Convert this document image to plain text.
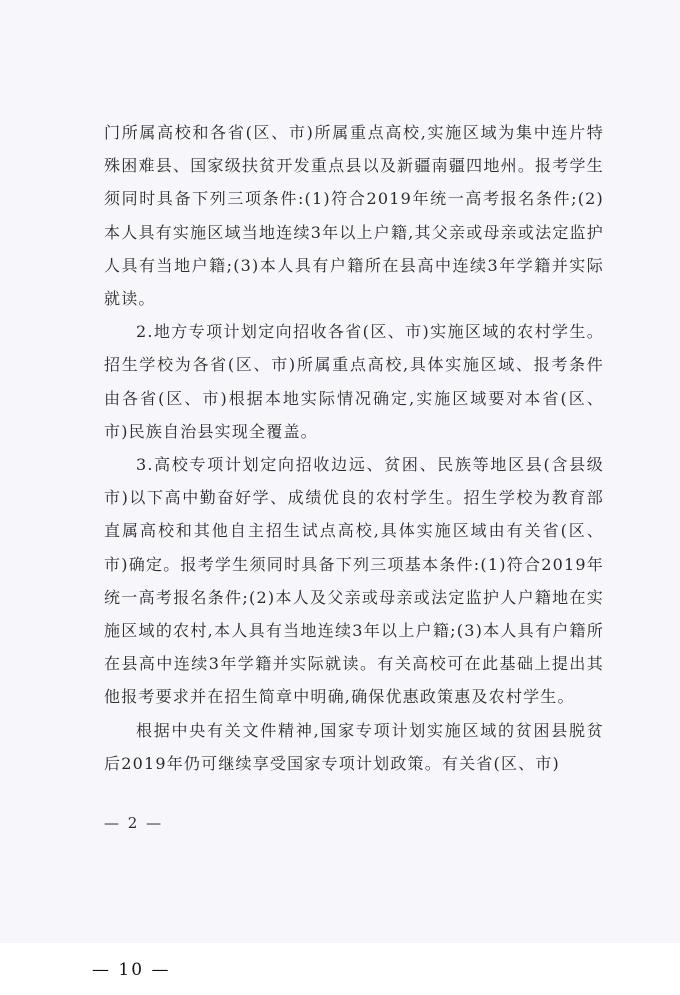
门所属高校和各省(区、市)所属重点高校,实施区域为集中连片特殊困难县、国家级扶贫开发重点县以及新疆南疆四地州。报考学生须同时具备下列三项条件:(1)符合2019年统一高考报名条件;(2)本人具有实施区域当地连续3年以上户籍,其父亲或母亲或法定监护人具有当地户籍;(3)本人具有户籍所在县高中连续3年学籍并实际就读。

2.地方专项计划定向招收各省(区、市)实施区域的农村学生。招生学校为各省(区、市)所属重点高校,具体实施区域、报考条件由各省(区、市)根据本地实际情况确定,实施区域要对本省(区、市)民族自治县实现全覆盖。

3.高校专项计划定向招收边远、贫困、民族等地区县(含县级市)以下高中勤奋好学、成绩优良的农村学生。招生学校为教育部直属高校和其他自主招生试点高校,具体实施区域由有关省(区、市)确定。报考学生须同时具备下列三项基本条件:(1)符合2019年统一高考报名条件;(2)本人及父亲或母亲或法定监护人户籍地在实施区域的农村,本人具有当地连续3年以上户籍;(3)本人具有户籍所在县高中连续3年学籍并实际就读。有关高校可在此基础上提出其他报考要求并在招生简章中明确,确保优惠政策惠及农村学生。

根据中央有关文件精神,国家专项计划实施区域的贫困县脱贫后2019年仍可继续享受国家专项计划政策。有关省(区、市)

— 2 —
— 10 —
